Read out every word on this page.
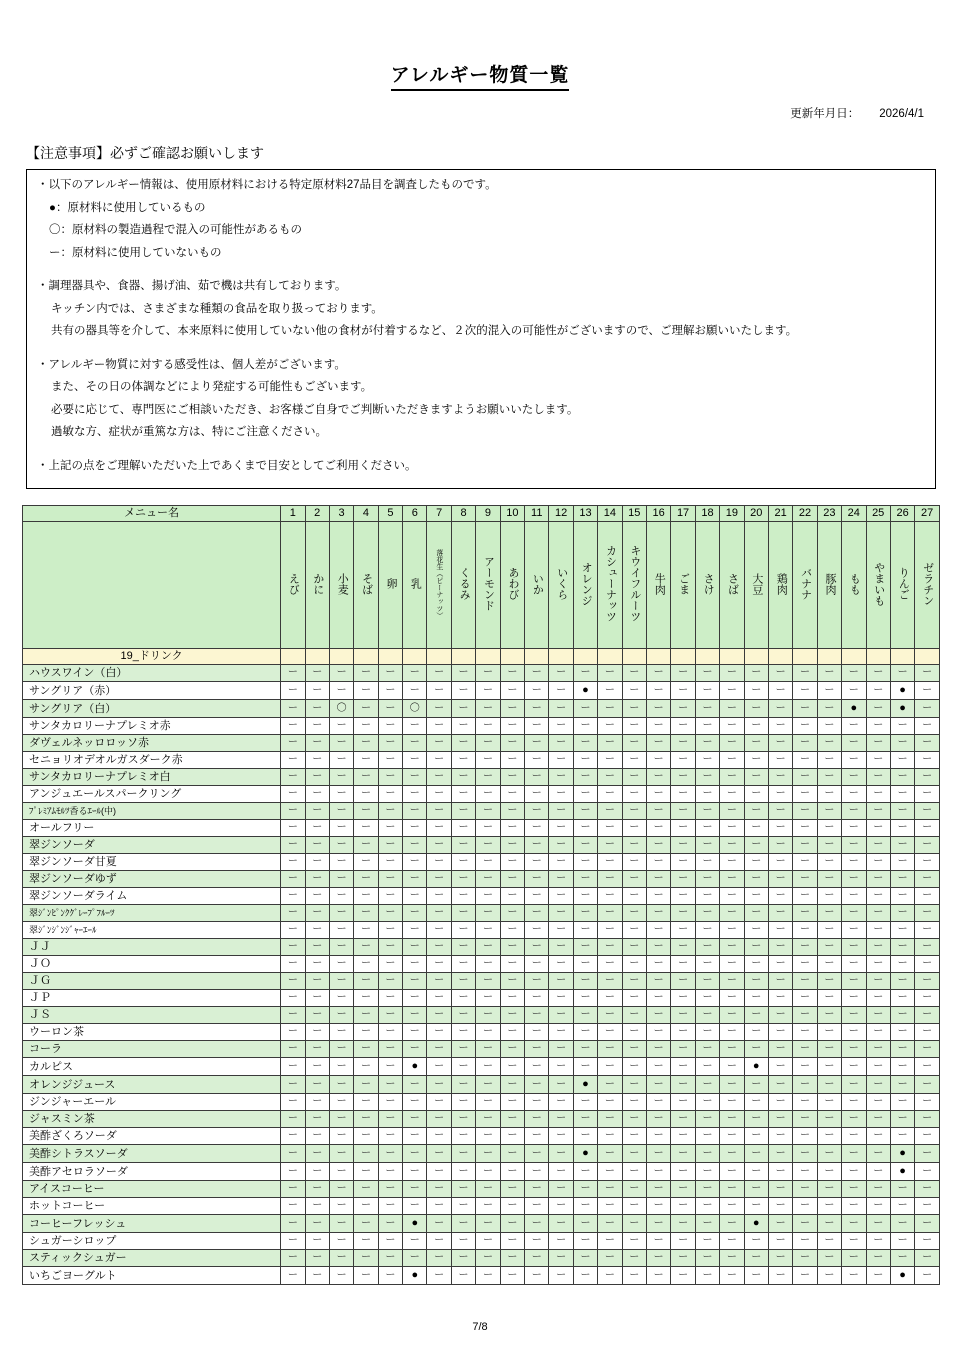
アレルギー物質一覧
更新年月日： 2026/4/1
【注意事項】必ずご確認お願いします

・以下のアレルギー情報は、使用原材料における特定原材料27品目を調査したものです。

●：原材料に使用しているもの

〇：原材料の製造過程で混入の可能性があるもの

ー：原材料に使用していないもの

・調理器具や、食器、揚げ油、茹で機は共有しております。

キッチン内では、さまざまな種類の食品を取り扱っております。

共有の器具等を介して、本来原料に使用していない他の食材が付着するなど、２次的混入の可能性がございますので、ご理解お願いいたします。

・アレルギー物質に対する感受性は、個人差がございます。

また、その日の体調などにより発症する可能性もございます。

必要に応じて、専門医にご相談いただき、お客様ご自身でご判断いただきますようお願いいたします。

過敏な方、症状が重篤な方は、特にご注意ください。

・上記の点をご理解いただいた上であくまで目安としてご利用ください。

メニュー名	1	2	3	4	5	6	7	8	9	10	11	12	13	14	15	16	17	18	19	20	21	22	23	24	25	26	27
	えび	かに	小麦	そば	卵	乳	落花生（ピーナッツ）	くるみ	アーモンド	あわび	いか	いくら	オレンジ	カシューナッツ	キウイフルーツ	牛肉	ごま	さけ	さば	大豆	鶏肉	バナナ	豚肉	もも	やまいも	りんご	ゼラチン
19_ドリンク																											
ハウスワイン（白）	ー	ー	ー	ー	ー	ー	ー	ー	ー	ー	ー	ー	ー	ー	ー	ー	ー	ー	ー	ー	ー	ー	ー	ー	ー	ー	ー
サングリア（赤）	ー	ー	ー	ー	ー	ー	ー	ー	ー	ー	ー	ー	●	ー	ー	ー	ー	ー	ー	ー	ー	ー	ー	ー	ー	●	ー
サングリア（白）	ー	ー	〇	ー	ー	〇	ー	ー	ー	ー	ー	ー	ー	ー	ー	ー	ー	ー	ー	ー	ー	ー	ー	●	ー	●	ー
サンタカロリーナプレミオ赤	ー	ー	ー	ー	ー	ー	ー	ー	ー	ー	ー	ー	ー	ー	ー	ー	ー	ー	ー	ー	ー	ー	ー	ー	ー	ー	ー
ダヴェルネッロロッソ赤	ー	ー	ー	ー	ー	ー	ー	ー	ー	ー	ー	ー	ー	ー	ー	ー	ー	ー	ー	ー	ー	ー	ー	ー	ー	ー	ー
セニョリオデオルガスダーク赤	ー	ー	ー	ー	ー	ー	ー	ー	ー	ー	ー	ー	ー	ー	ー	ー	ー	ー	ー	ー	ー	ー	ー	ー	ー	ー	ー
サンタカロリーナプレミオ白	ー	ー	ー	ー	ー	ー	ー	ー	ー	ー	ー	ー	ー	ー	ー	ー	ー	ー	ー	ー	ー	ー	ー	ー	ー	ー	ー
アンジュエールスパークリング	ー	ー	ー	ー	ー	ー	ー	ー	ー	ー	ー	ー	ー	ー	ー	ー	ー	ー	ー	ー	ー	ー	ー	ー	ー	ー	ー
ﾌﾟﾚﾐｱﾑﾓﾙﾂ香るｴｰﾙ(中)	ー	ー	ー	ー	ー	ー	ー	ー	ー	ー	ー	ー	ー	ー	ー	ー	ー	ー	ー	ー	ー	ー	ー	ー	ー	ー	ー
オールフリー	ー	ー	ー	ー	ー	ー	ー	ー	ー	ー	ー	ー	ー	ー	ー	ー	ー	ー	ー	ー	ー	ー	ー	ー	ー	ー	ー
翠ジンソーダ	ー	ー	ー	ー	ー	ー	ー	ー	ー	ー	ー	ー	ー	ー	ー	ー	ー	ー	ー	ー	ー	ー	ー	ー	ー	ー	ー
翠ジンソーダ甘夏	ー	ー	ー	ー	ー	ー	ー	ー	ー	ー	ー	ー	ー	ー	ー	ー	ー	ー	ー	ー	ー	ー	ー	ー	ー	ー	ー
翠ジンソーダゆず	ー	ー	ー	ー	ー	ー	ー	ー	ー	ー	ー	ー	ー	ー	ー	ー	ー	ー	ー	ー	ー	ー	ー	ー	ー	ー	ー
翠ジンソーダライム	ー	ー	ー	ー	ー	ー	ー	ー	ー	ー	ー	ー	ー	ー	ー	ー	ー	ー	ー	ー	ー	ー	ー	ー	ー	ー	ー
翠ｼﾞﾝﾋﾟﾝｸｸﾞﾚｰﾌﾟﾌﾙｰﾂ	ー	ー	ー	ー	ー	ー	ー	ー	ー	ー	ー	ー	ー	ー	ー	ー	ー	ー	ー	ー	ー	ー	ー	ー	ー	ー	ー
翠ｼﾞﾝｼﾞﾝｼﾞｬｰｴｰﾙ	ー	ー	ー	ー	ー	ー	ー	ー	ー	ー	ー	ー	ー	ー	ー	ー	ー	ー	ー	ー	ー	ー	ー	ー	ー	ー	ー
ＪＪ	ー	ー	ー	ー	ー	ー	ー	ー	ー	ー	ー	ー	ー	ー	ー	ー	ー	ー	ー	ー	ー	ー	ー	ー	ー	ー	ー
ＪＯ	ー	ー	ー	ー	ー	ー	ー	ー	ー	ー	ー	ー	ー	ー	ー	ー	ー	ー	ー	ー	ー	ー	ー	ー	ー	ー	ー
ＪＧ	ー	ー	ー	ー	ー	ー	ー	ー	ー	ー	ー	ー	ー	ー	ー	ー	ー	ー	ー	ー	ー	ー	ー	ー	ー	ー	ー
ＪＰ	ー	ー	ー	ー	ー	ー	ー	ー	ー	ー	ー	ー	ー	ー	ー	ー	ー	ー	ー	ー	ー	ー	ー	ー	ー	ー	ー
ＪＳ	ー	ー	ー	ー	ー	ー	ー	ー	ー	ー	ー	ー	ー	ー	ー	ー	ー	ー	ー	ー	ー	ー	ー	ー	ー	ー	ー
ウーロン茶	ー	ー	ー	ー	ー	ー	ー	ー	ー	ー	ー	ー	ー	ー	ー	ー	ー	ー	ー	ー	ー	ー	ー	ー	ー	ー	ー
コーラ	ー	ー	ー	ー	ー	ー	ー	ー	ー	ー	ー	ー	ー	ー	ー	ー	ー	ー	ー	ー	ー	ー	ー	ー	ー	ー	ー
カルピス	ー	ー	ー	ー	ー	●	ー	ー	ー	ー	ー	ー	ー	ー	ー	ー	ー	ー	ー	●	ー	ー	ー	ー	ー	ー	ー
オレンジジュース	ー	ー	ー	ー	ー	ー	ー	ー	ー	ー	ー	ー	●	ー	ー	ー	ー	ー	ー	ー	ー	ー	ー	ー	ー	ー	ー
ジンジャーエール	ー	ー	ー	ー	ー	ー	ー	ー	ー	ー	ー	ー	ー	ー	ー	ー	ー	ー	ー	ー	ー	ー	ー	ー	ー	ー	ー
ジャスミン茶	ー	ー	ー	ー	ー	ー	ー	ー	ー	ー	ー	ー	ー	ー	ー	ー	ー	ー	ー	ー	ー	ー	ー	ー	ー	ー	ー
美酢ざくろソーダ	ー	ー	ー	ー	ー	ー	ー	ー	ー	ー	ー	ー	ー	ー	ー	ー	ー	ー	ー	ー	ー	ー	ー	ー	ー	ー	ー
美酢シトラスソーダ	ー	ー	ー	ー	ー	ー	ー	ー	ー	ー	ー	ー	●	ー	ー	ー	ー	ー	ー	ー	ー	ー	ー	ー	ー	●	ー
美酢アセロラソーダ	ー	ー	ー	ー	ー	ー	ー	ー	ー	ー	ー	ー	ー	ー	ー	ー	ー	ー	ー	ー	ー	ー	ー	ー	ー	●	ー
アイスコーヒー	ー	ー	ー	ー	ー	ー	ー	ー	ー	ー	ー	ー	ー	ー	ー	ー	ー	ー	ー	ー	ー	ー	ー	ー	ー	ー	ー
ホットコーヒー	ー	ー	ー	ー	ー	ー	ー	ー	ー	ー	ー	ー	ー	ー	ー	ー	ー	ー	ー	ー	ー	ー	ー	ー	ー	ー	ー
コーヒーフレッシュ	ー	ー	ー	ー	ー	●	ー	ー	ー	ー	ー	ー	ー	ー	ー	ー	ー	ー	ー	●	ー	ー	ー	ー	ー	ー	ー
シュガーシロップ	ー	ー	ー	ー	ー	ー	ー	ー	ー	ー	ー	ー	ー	ー	ー	ー	ー	ー	ー	ー	ー	ー	ー	ー	ー	ー	ー
スティックシュガー	ー	ー	ー	ー	ー	ー	ー	ー	ー	ー	ー	ー	ー	ー	ー	ー	ー	ー	ー	ー	ー	ー	ー	ー	ー	ー	ー
いちごヨーグルト	ー	ー	ー	ー	ー	●	ー	ー	ー	ー	ー	ー	ー	ー	ー	ー	ー	ー	ー	ー	ー	ー	ー	ー	ー	●	ー
7/8
